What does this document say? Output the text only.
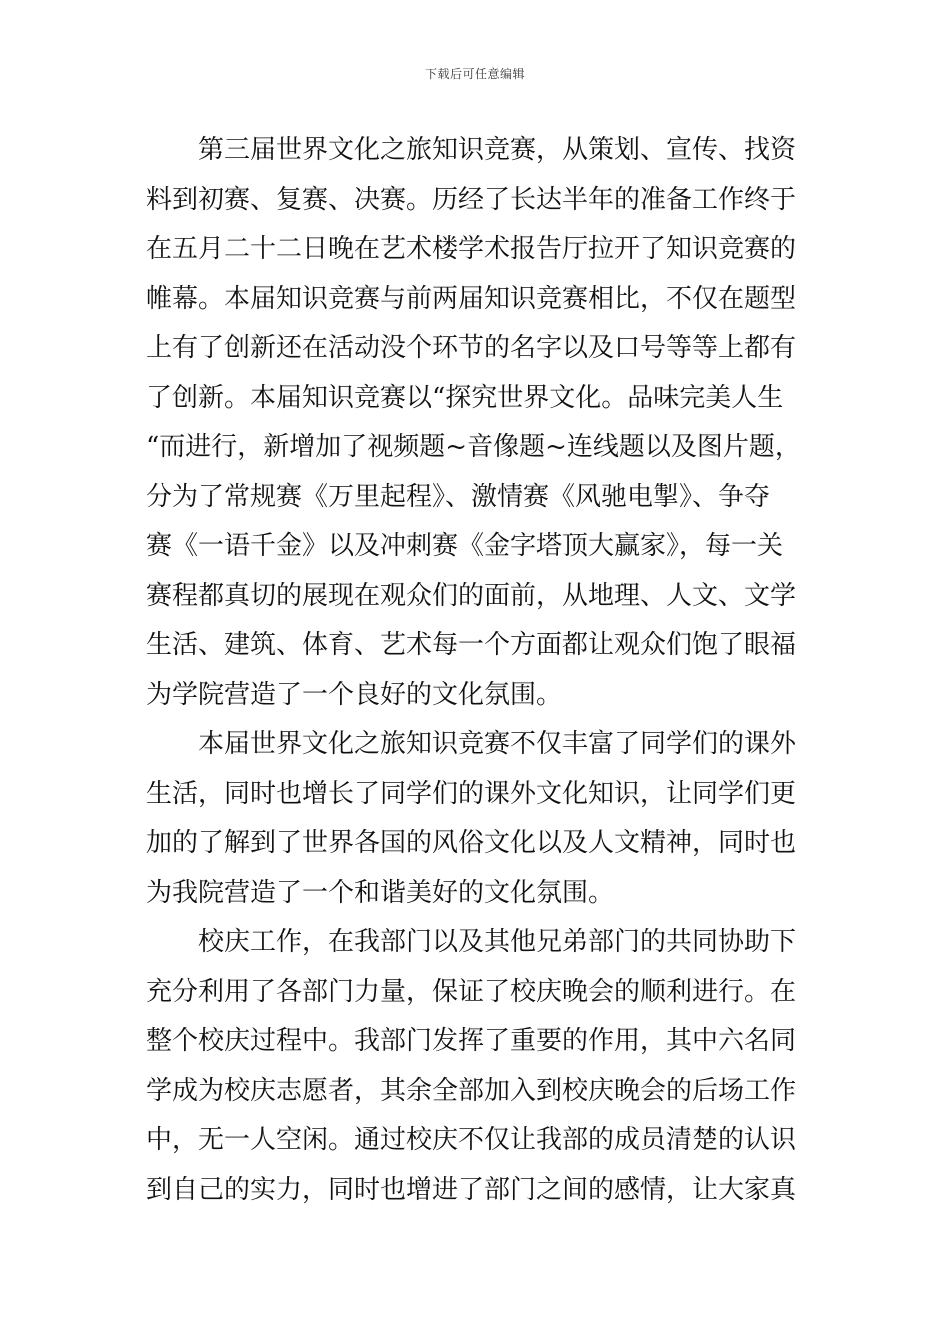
下载后可任意编辑
第三届世界文化之旅知识竞赛，从策划、宣传、找资
料到初赛、复赛、决赛。历经了长达半年的准备工作终于
在五月二十二日晚在艺术楼学术报告厅拉开了知识竞赛的
帷幕。本届知识竞赛与前两届知识竞赛相比，不仅在题型
上有了创新还在活动没个环节的名字以及口号等等上都有
了创新。本届知识竞赛以“探究世界文化。品味完美人生
“而进行，新增加了视频题~音像题~连线题以及图片题，
分为了常规赛《万里起程》、激情赛《风驰电掣》、争夺
赛《一语千金》以及冲刺赛《金字塔顶大赢家》，每一关
赛程都真切的展现在观众们的面前，从地理、人文、文学
生活、建筑、体育、艺术每一个方面都让观众们饱了眼福
为学院营造了一个良好的文化氛围。
本届世界文化之旅知识竞赛不仅丰富了同学们的课外
生活，同时也增长了同学们的课外文化知识，让同学们更
加的了解到了世界各国的风俗文化以及人文精神，同时也
为我院营造了一个和谐美好的文化氛围。
校庆工作，在我部门以及其他兄弟部门的共同协助下
充分利用了各部门力量，保证了校庆晚会的顺利进行。在
整个校庆过程中。我部门发挥了重要的作用，其中六名同
学成为校庆志愿者，其余全部加入到校庆晚会的后场工作
中，无一人空闲。通过校庆不仅让我部的成员清楚的认识
到自己的实力，同时也增进了部门之间的感情，让大家真
